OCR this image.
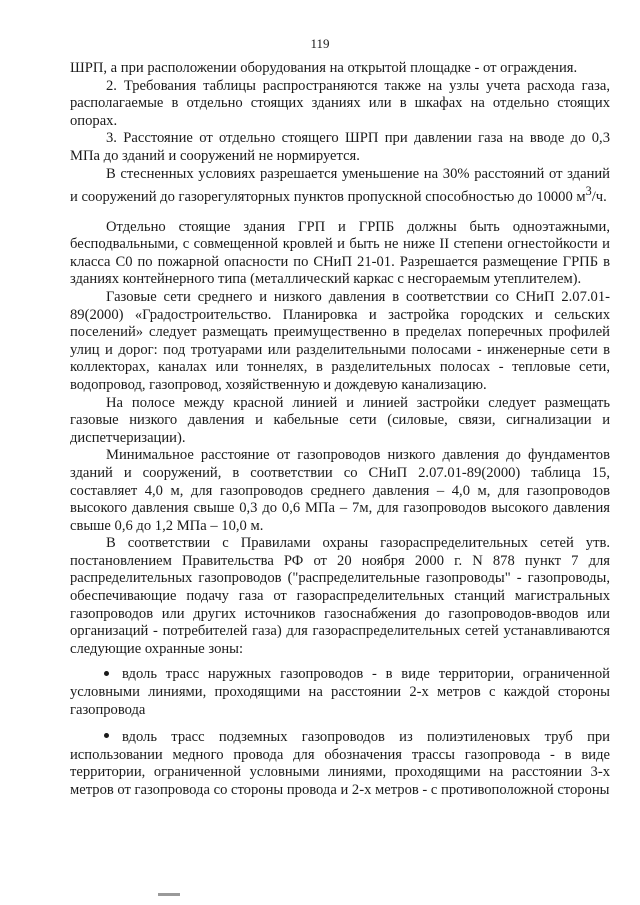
119

ШРП, а при расположении оборудования на открытой площадке - от ограждения.

2. Требования таблицы распространяются также на узлы учета расхода газа, располагаемые в отдельно стоящих зданиях или в шкафах на отдельно стоящих опорах.

3. Расстояние от отдельно стоящего ШРП при давлении газа на вводе до 0,3 МПа до зданий и сооружений не нормируется.

В стесненных условиях разрешается уменьшение на 30% расстояний от зданий и сооружений до газорегуляторных пунктов пропускной способностью до 10000 $м^3/ч$.

Отдельно стоящие здания ГРП и ГРПБ должны быть одноэтажными, бесподвальными, с совмещенной кровлей и быть не ниже II степени огнестойкости и класса С0 по пожарной опасности по СНиП 21-01. Разрешается размещение ГРПБ в зданиях контейнерного типа (металлический каркас с несгораемым утеплителем).

Газовые сети среднего и низкого давления в соответствии со СНиП 2.07.01-89(2000) «Градостроительство. Планировка и застройка городских и сельских поселений» следует размещать преимущественно в пределах поперечных профилей улиц и дорог: под тротуарами или разделительными полосами - инженерные сети в коллекторах, каналах или тоннелях, в разделительных полосах - тепловые сети, водопровод, газопровод, хозяйственную и дождевую канализацию.

На полосе между красной линией и линией застройки следует размещать газовые низкого давления и кабельные сети (силовые, связи, сигнализации и диспетчеризации).

Минимальное расстояние от газопроводов низкого давления до фундаментов зданий и сооружений, в соответствии со СНиП 2.07.01-89(2000) таблица 15, составляет 4,0 м, для газопроводов среднего давления – 4,0 м, для газопроводов высокого давления свыше 0,3 до 0,6 МПа – 7м, для газопроводов высокого давления свыше 0,6 до 1,2 МПа – 10,0 м.

В соответствии с Правилами охраны газораспределительных сетей утв. постановлением Правительства РФ от 20 ноября 2000 г. N 878 пункт 7 для распределительных газопроводов ("распределительные газопроводы" - газопроводы, обеспечивающие подачу газа от газораспределительных станций магистральных газопроводов или других источников газоснабжения до газопроводов-вводов или организаций - потребителей газа) для газораспределительных сетей устанавливаются следующие охранные зоны:

вдоль трасс наружных газопроводов - в виде территории, ограниченной условными линиями, проходящими на расстоянии 2-х метров с каждой стороны газопровода
вдоль трасс подземных газопроводов из полиэтиленовых труб при использовании медного провода для обозначения трассы газопровода - в виде территории, ограниченной условными линиями, проходящими на расстоянии 3-х метров от газопровода со стороны провода и 2-х метров - с противоположной стороны
